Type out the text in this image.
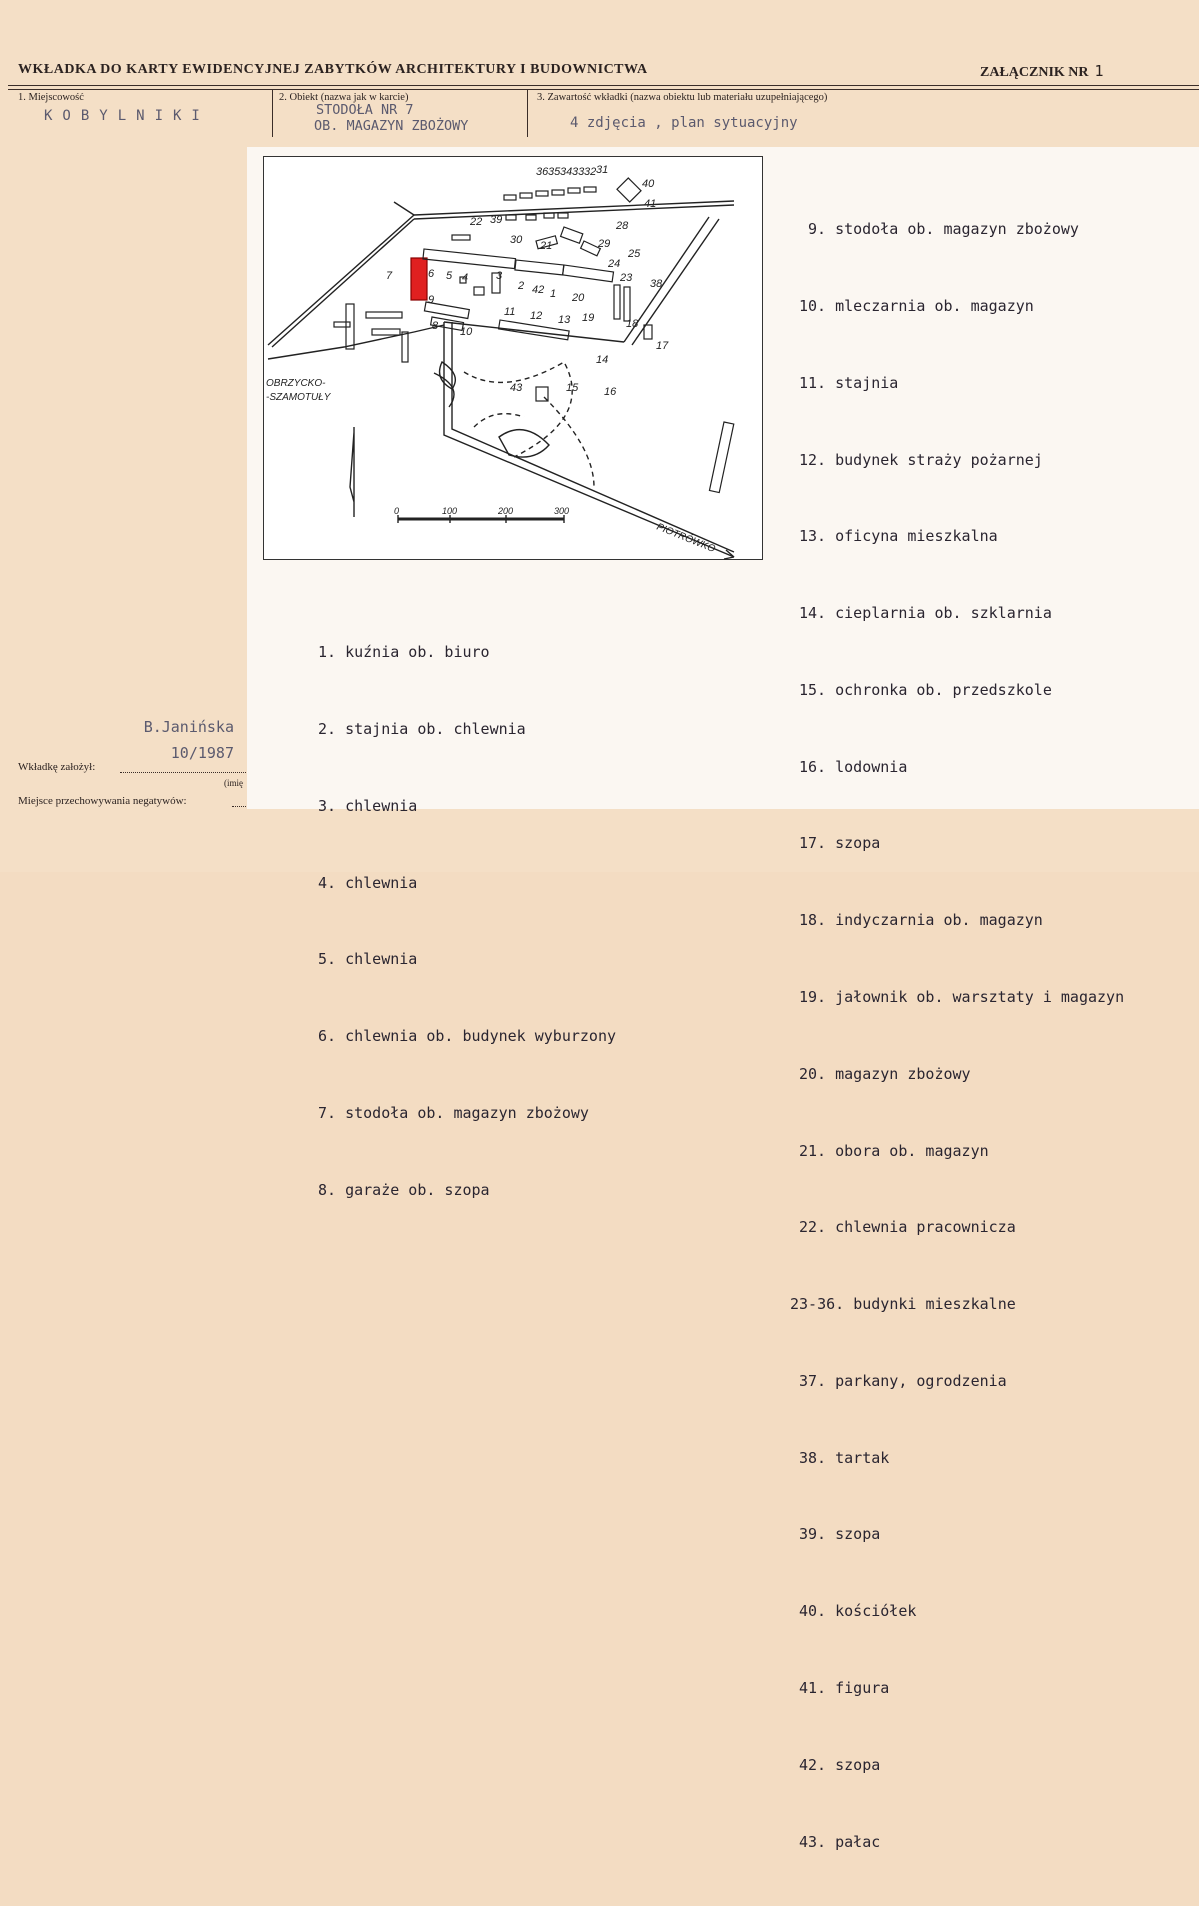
WKŁADKA DO KARTY EWIDENCYJNEJ ZABYTKÓW ARCHITEKTURY I BUDOWNICTWA	ZAŁĄCZNIK NR 1
1. Miejscowość
KOBYLNIKI
2. Obiekt (nazwa jak w karcie)
STODOŁA NR 7
OB. MAGAZYN ZBOŻOWY
3. Zawartość wkładki (nazwa obiektu lub materiału uzupełniającego)
4 zdjęcia , plan sytuacyjny
B.Janińska
10/1987
Wkładkę założył:
(imię
Miejsce przechowywania negatywów:
OBRZYCKO-
-SZAMOTUŁY
PIOTRÓWKO
0	100	200	300
36 35 34 33 32 31
40
41
22 39
30
28
7	6 5 4	3
2 42 1 20
23 38
9
8 10
11 12 13 19	18
17
14
43	15 16
24
25
21	29

1. kuźnia ob. biuro

2. stajnia ob. chlewnia

3. chlewnia

4. chlewnia

5. chlewnia

6. chlewnia ob. budynek wyburzony

7. stodoła ob. magazyn zbożowy

8. garaże ob. szopa

9. stodoła ob. magazyn zbożowy

10. mleczarnia ob. magazyn

11. stajnia

12. budynek straży pożarnej

13. oficyna mieszkalna

14. cieplarnia ob. szklarnia

15. ochronka ob. przedszkole

16. lodownia

17. szopa

18. indyczarnia ob. magazyn

19. jałownik ob. warsztaty i magazyn

20. magazyn zbożowy

21. obora ob. magazyn

22. chlewnia pracownicza

23-36. budynki mieszkalne

37. parkany, ogrodzenia

38. tartak

39. szopa

40. kościółek

41. figura

42. szopa

43. pałac
